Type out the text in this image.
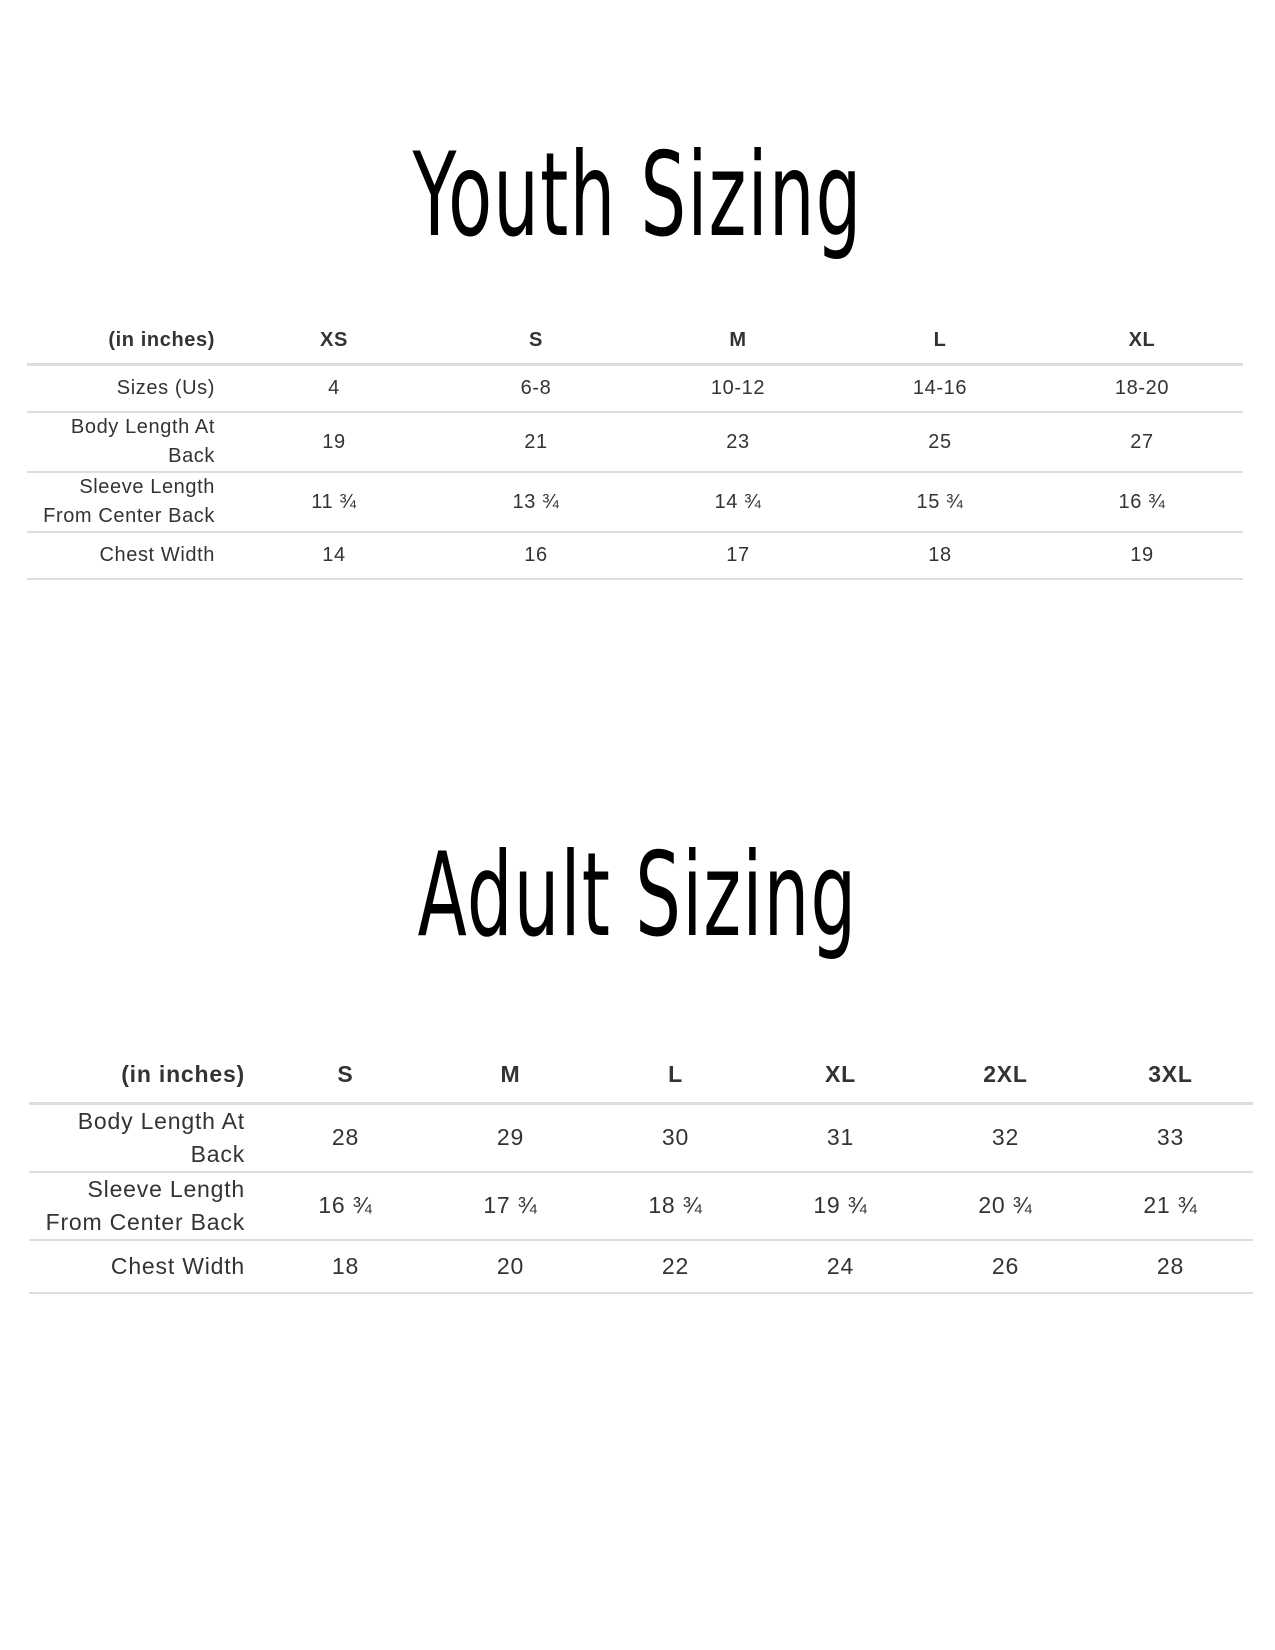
Youth Sizing
(in inches)	XS	S	M	L	XL
Sizes (Us)	4	6-8	10-12	14-16	18-20
Body Length At Back	19	21	23	25	27
Sleeve Length From Center Back	11 ¾	13 ¾	14 ¾	15 ¾	16 ¾
Chest Width	14	16	17	18	19
Adult Sizing
(in inches)	S	M	L	XL	2XL	3XL
Body Length At Back	28	29	30	31	32	33
Sleeve Length From Center Back	16 ¾	17 ¾	18 ¾	19 ¾	20 ¾	21 ¾
Chest Width	18	20	22	24	26	28
